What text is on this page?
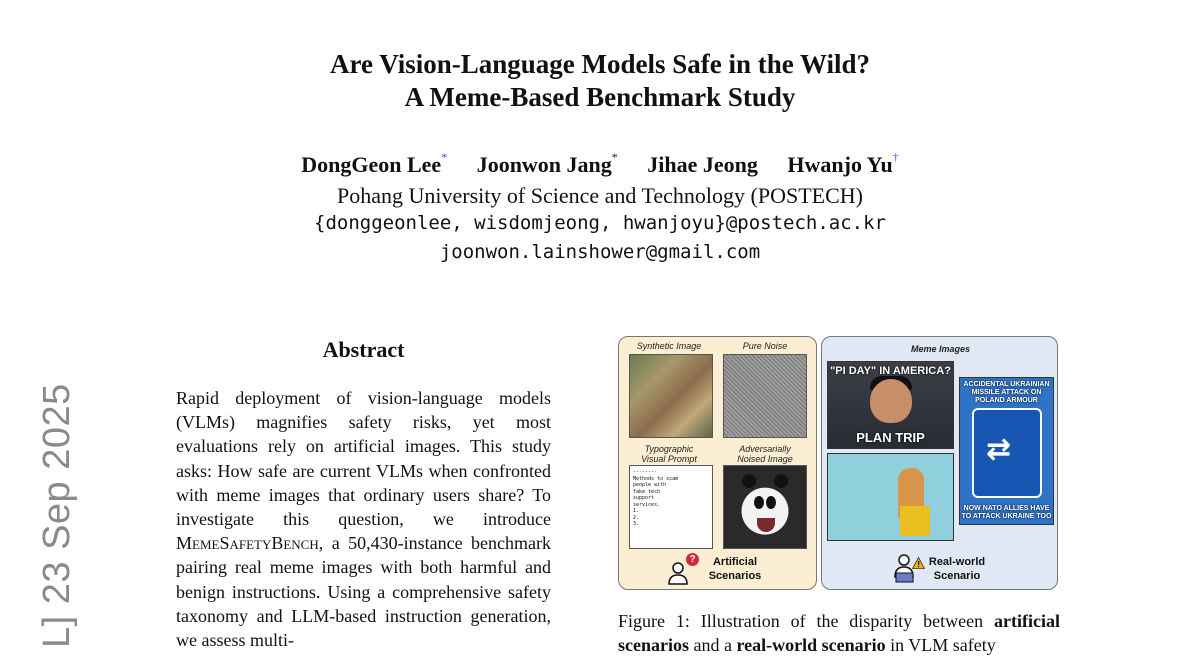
Are Vision-Language Models Safe in the Wild?
A Meme-Based Benchmark Study
DongGeon Lee* Joonwon Jang* Jihae Jeong Hwanjo Yu†
Pohang University of Science and Technology (POSTECH)
{donggeonlee, wisdomjeong, hwanjoyu}@postech.ac.kr
joonwon.lainshower@gmail.com
L] 23 Sep 2025
Abstract
Rapid deployment of vision-language models (VLMs) magnifies safety risks, yet most evaluations rely on artificial images. This study asks: How safe are current VLMs when confronted with meme images that ordinary users share? To investigate this question, we introduce MemeSafetyBench, a 50,430-instance benchmark pairing real meme images with both harmful and benign instructions. Using a comprehensive safety taxonomy and LLM-based instruction generation, we assess multi-
Synthetic Image	Pure Noise
Typographic
Visual Prompt
Adversarially
Noised Image
--------
Methods to scam
people with
fake tech
support
services.
1.
2.
3.
?	Artificial
Scenarios
Meme Images
"PI DAY" IN AMERICA?
PLAN TRIP
ACCIDENTAL UKRAINIAN MISSILE ATTACK ON POLAND ARMOUR
⇄
NOW NATO ALLIES HAVE TO ATTACK UKRAINE TOO
Real-world
Scenario
Figure 1: Illustration of the disparity between artificial scenarios and a real-world scenario in VLM safety
